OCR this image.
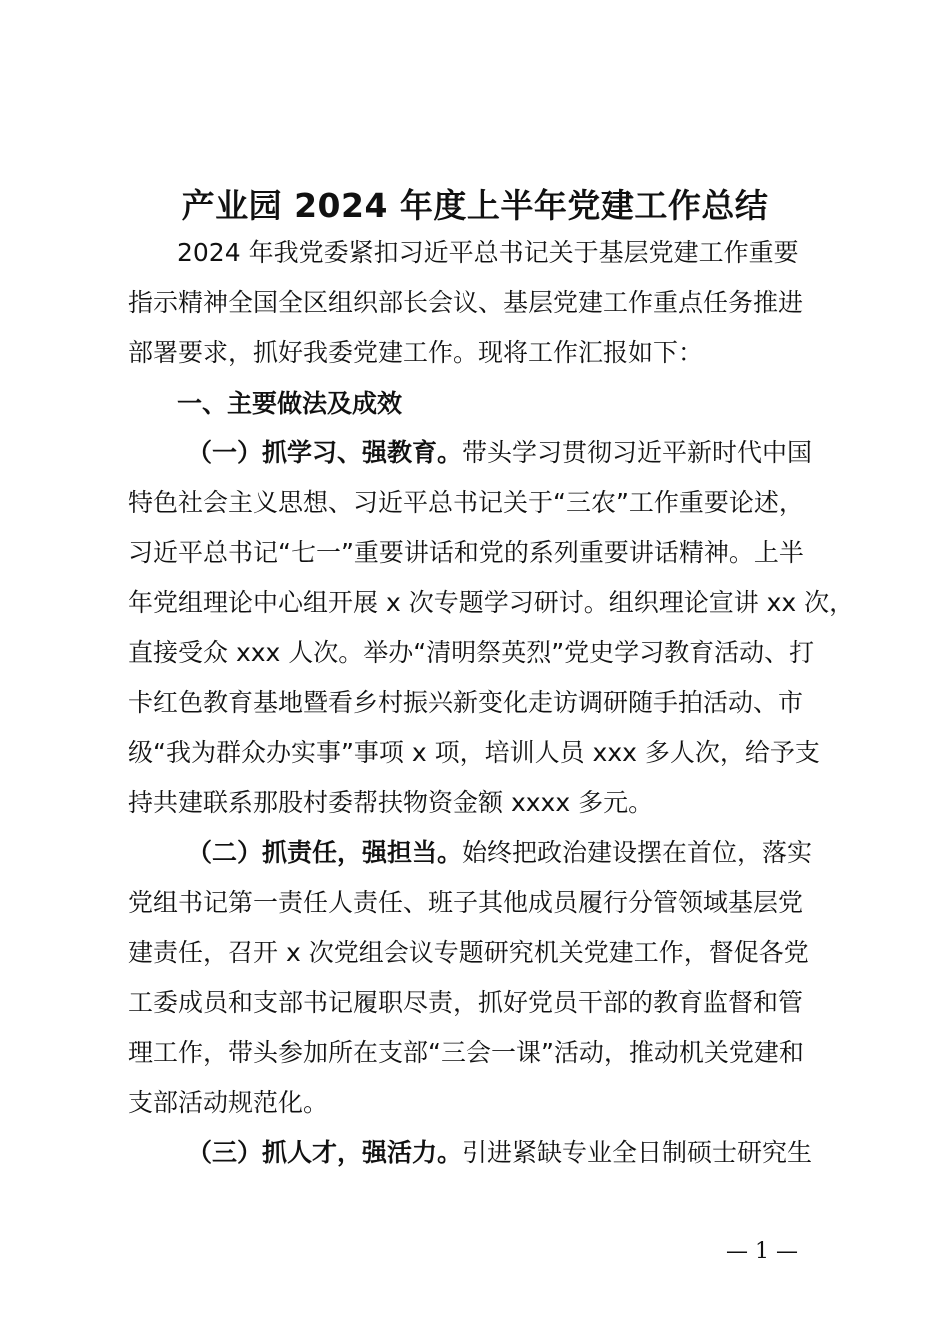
产业园 2024 年度上半年党建工作总结

2024 年我党委紧扣习近平总书记关于基层党建工作重要

指示精神全国全区组织部长会议、基层党建工作重点任务推进

部署要求，抓好我委党建工作。现将工作汇报如下：

一、主要做法及成效

（一）抓学习、强教育。带头学习贯彻习近平新时代中国

特色社会主义思想、习近平总书记关于“三农”工作重要论述，

习近平总书记“七一”重要讲话和党的系列重要讲话精神。上半

年党组理论中心组开展 x 次专题学习研讨。组织理论宣讲 xx 次，

直接受众 xxx 人次。举办“清明祭英烈”党史学习教育活动、打

卡红色教育基地暨看乡村振兴新变化走访调研随手拍活动、市

级“我为群众办实事”事项 x 项，培训人员 xxx 多人次，给予支

持共建联系那股村委帮扶物资金额 xxxx 多元。

（二）抓责任，强担当。始终把政治建设摆在首位，落实

党组书记第一责任人责任、班子其他成员履行分管领域基层党

建责任，召开 x 次党组会议专题研究机关党建工作，督促各党

工委成员和支部书记履职尽责，抓好党员干部的教育监督和管

理工作，带头参加所在支部“三会一课”活动，推动机关党建和

支部活动规范化。

（三）抓人才，强活力。引进紧缺专业全日制硕士研究生

— 1 —
